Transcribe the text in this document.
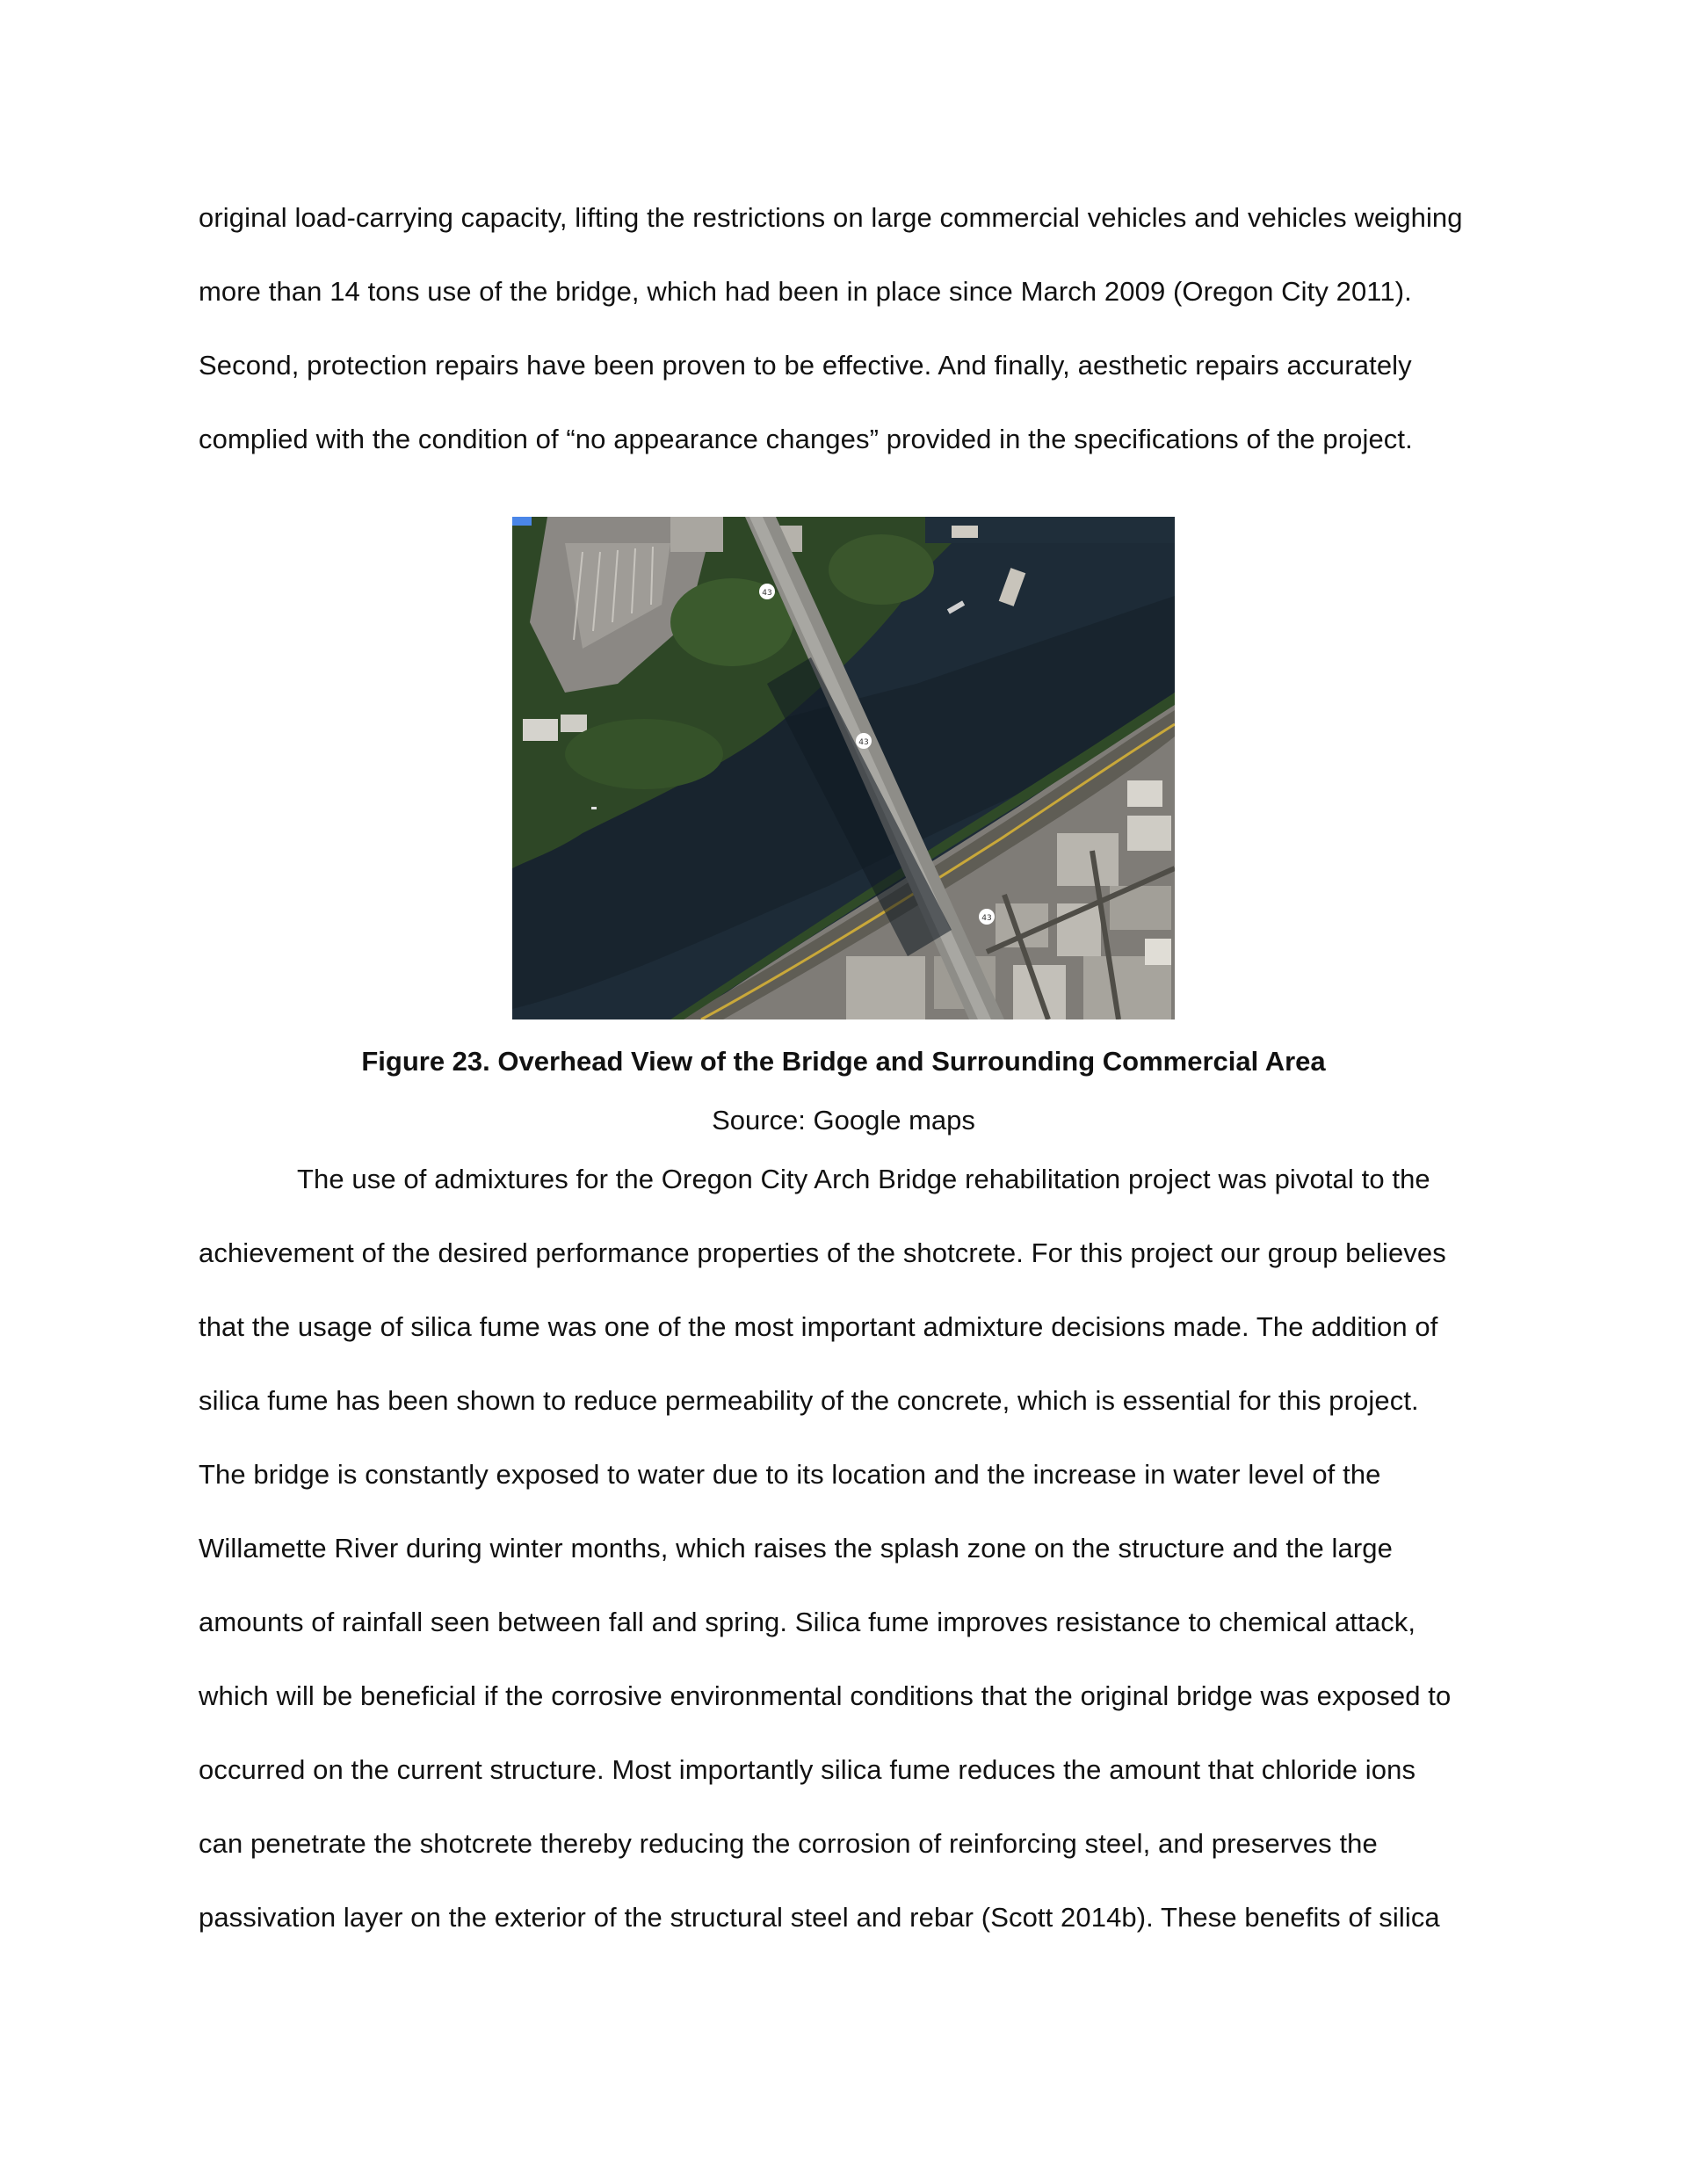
original load-carrying capacity, lifting the restrictions on large commercial vehicles and vehicles weighing
more than 14 tons use of the bridge, which had been in place since March 2009 (Oregon City 2011).
Second, protection repairs have been proven to be effective. And finally, aesthetic repairs accurately
complied with the condition of “no appearance changes” provided in the specifications of the project.
43
43
43
Figure 23. Overhead View of the Bridge and Surrounding Commercial Area
Source: Google maps
The use of admixtures for the Oregon City Arch Bridge rehabilitation project was pivotal to the
achievement of the desired performance properties of the shotcrete. For this project our group believes
that the usage of silica fume was one of the most important admixture decisions made. The addition of
silica fume has been shown to reduce permeability of the concrete, which is essential for this project.
The bridge is constantly exposed to water due to its location and the increase in water level of the
Willamette River during winter months, which raises the splash zone on the structure and the large
amounts of rainfall seen between fall and spring. Silica fume improves resistance to chemical attack,
which will be beneficial if the corrosive environmental conditions that the original bridge was exposed to
occurred on the current structure. Most importantly silica fume reduces the amount that chloride ions
can penetrate the shotcrete thereby reducing the corrosion of reinforcing steel, and preserves the
passivation layer on the exterior of the structural steel and rebar (Scott 2014b). These benefits of silica
